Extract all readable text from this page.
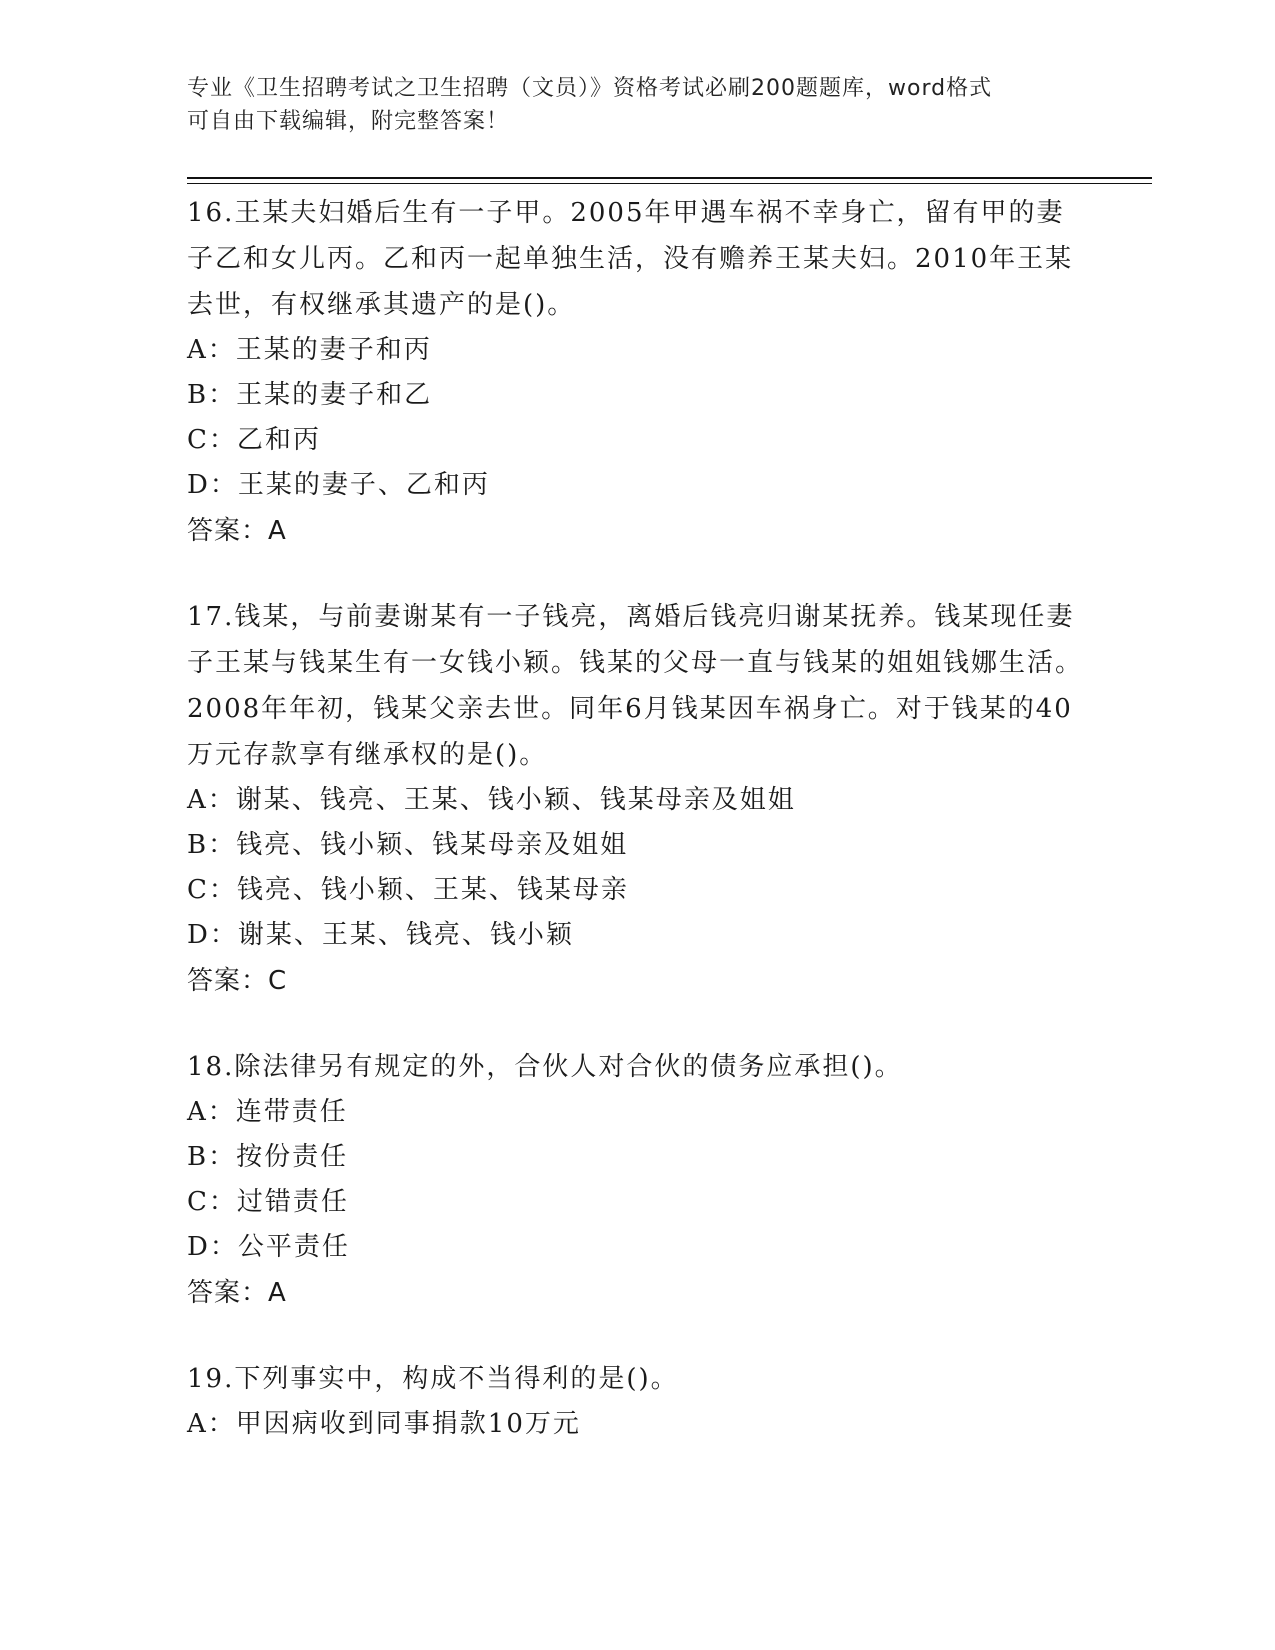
专业《卫生招聘考试之卫生招聘（文员）》资格考试必刷200题题库，word格式
可自由下载编辑，附完整答案！
16.王某夫妇婚后生有一子甲。2005年甲遇车祸不幸身亡，留有甲的妻子乙和女儿丙。乙和丙一起单独生活，没有赡养王某夫妇。2010年王某去世，有权继承其遗产的是()。
A：王某的妻子和丙
B：王某的妻子和乙
C：乙和丙
D：王某的妻子、乙和丙
答案：A
17.钱某，与前妻谢某有一子钱亮，离婚后钱亮归谢某抚养。钱某现任妻子王某与钱某生有一女钱小颖。钱某的父母一直与钱某的姐姐钱娜生活。2008年年初，钱某父亲去世。同年6月钱某因车祸身亡。对于钱某的40万元存款享有继承权的是()。
A：谢某、钱亮、王某、钱小颖、钱某母亲及姐姐
B：钱亮、钱小颖、钱某母亲及姐姐
C：钱亮、钱小颖、王某、钱某母亲
D：谢某、王某、钱亮、钱小颖
答案：C
18.除法律另有规定的外，合伙人对合伙的债务应承担()。
A：连带责任
B：按份责任
C：过错责任
D：公平责任
答案：A
19.下列事实中，构成不当得利的是()。
A：甲因病收到同事捐款10万元
